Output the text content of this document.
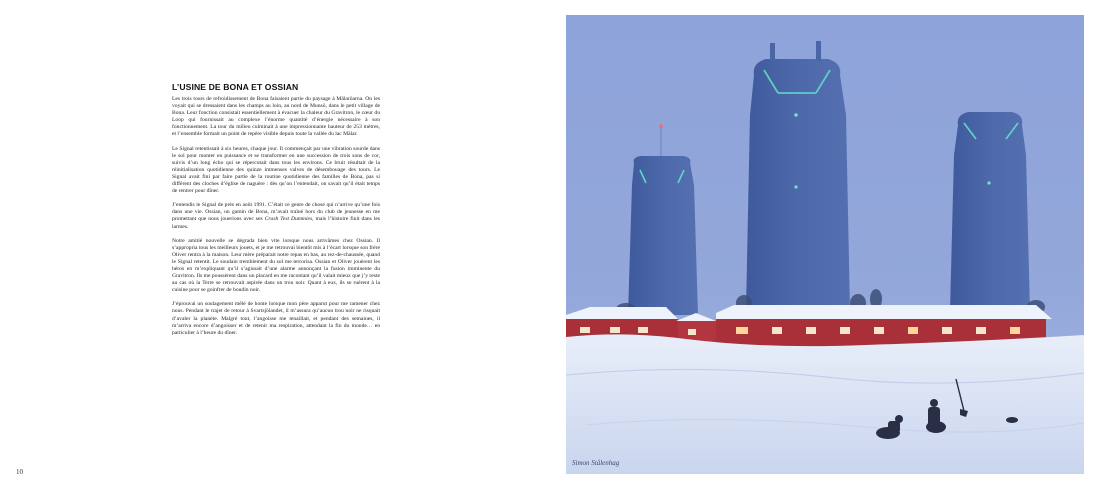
L’USINE DE BONA ET OSSIAN

Les trois tours de refroidissement de Bona faisaient partie du paysage à Mälaröarna. On les voyait qui se dressaient dans les champs au loin, au nord de Munsö, dans le petit village de Bona. Leur fonction consistait essentiellement à évacuer la chaleur du Gravitron, le cœur du Loop qui fournissait au complexe l’énorme quantité d’énergie nécessaire à son fonctionnement. La tour du milieu culminait à une impressionnante hauteur de 253 mètres, et l’ensemble formait un point de repère visible depuis toute la vallée du lac Mälar.

Le Signal retentissait à six heures, chaque jour. Il commençait par une vibration sourde dans le sol pour monter en puissance et se transformer en une succession de trois sons de cor, suivis d’un long écho qui se répercutait dans tous les environs. Ce bruit résultait de la réinitialisation quotidienne des quinze immenses valves de désembouage des tours. Le Signal avait fini par faire partie de la routine quotidienne des familles de Bona, pas si différent des cloches d’église de naguère : dès qu’on l’entendait, on savait qu’il était temps de rentrer pour dîner.

J’entendis le Signal de près en août 1991. C’était ce genre de chose qui n’arrive qu’une fois dans une vie. Ossian, un gamin de Bona, m’avait traîné hors du club de jeunesse en me promettant que nous jouerions avec ses Crash Test Dummies, mais l’histoire finit dans les larmes.

Notre amitié nouvelle se dégrada bien vite lorsque nous arrivâmes chez Ossian. Il s’appropria tous les meilleurs jouets, et je me retrouvai bientôt mis à l’écart lorsque son frère Oliver rentra à la maison. Leur mère préparait notre repas en bas, au rez-de-chaussée, quand le Signal retentit. Le soudain tremblement du sol me terrorisa. Ossian et Oliver jouèrent les héros en m’expliquant qu’il s’agissait d’une alarme annonçant la fusion imminente du Gravitron. Ils me poussèrent dans un placard en me racontant qu’il valait mieux que j’y reste au cas où la Terre se retrouvait aspirée dans un trou noir. Quant à eux, ils se ruèrent à la cuisine pour se goinfrer de boudin noir.

J’éprouvai un soulagement mêlé de honte lorsque mon père apparut pour me ramener chez nous. Pendant le trajet de retour à Svartsjölandet, il m’assura qu’aucun trou noir ne risquait d’avaler la planète. Malgré tout, l’angoisse me tenaillait, et pendant des semaines, il m’arriva encore d’angoisser et de retenir ma respiration, attendant la fin du monde… en particulier à l’heure du dîner.

10
Simon Stålenhag
